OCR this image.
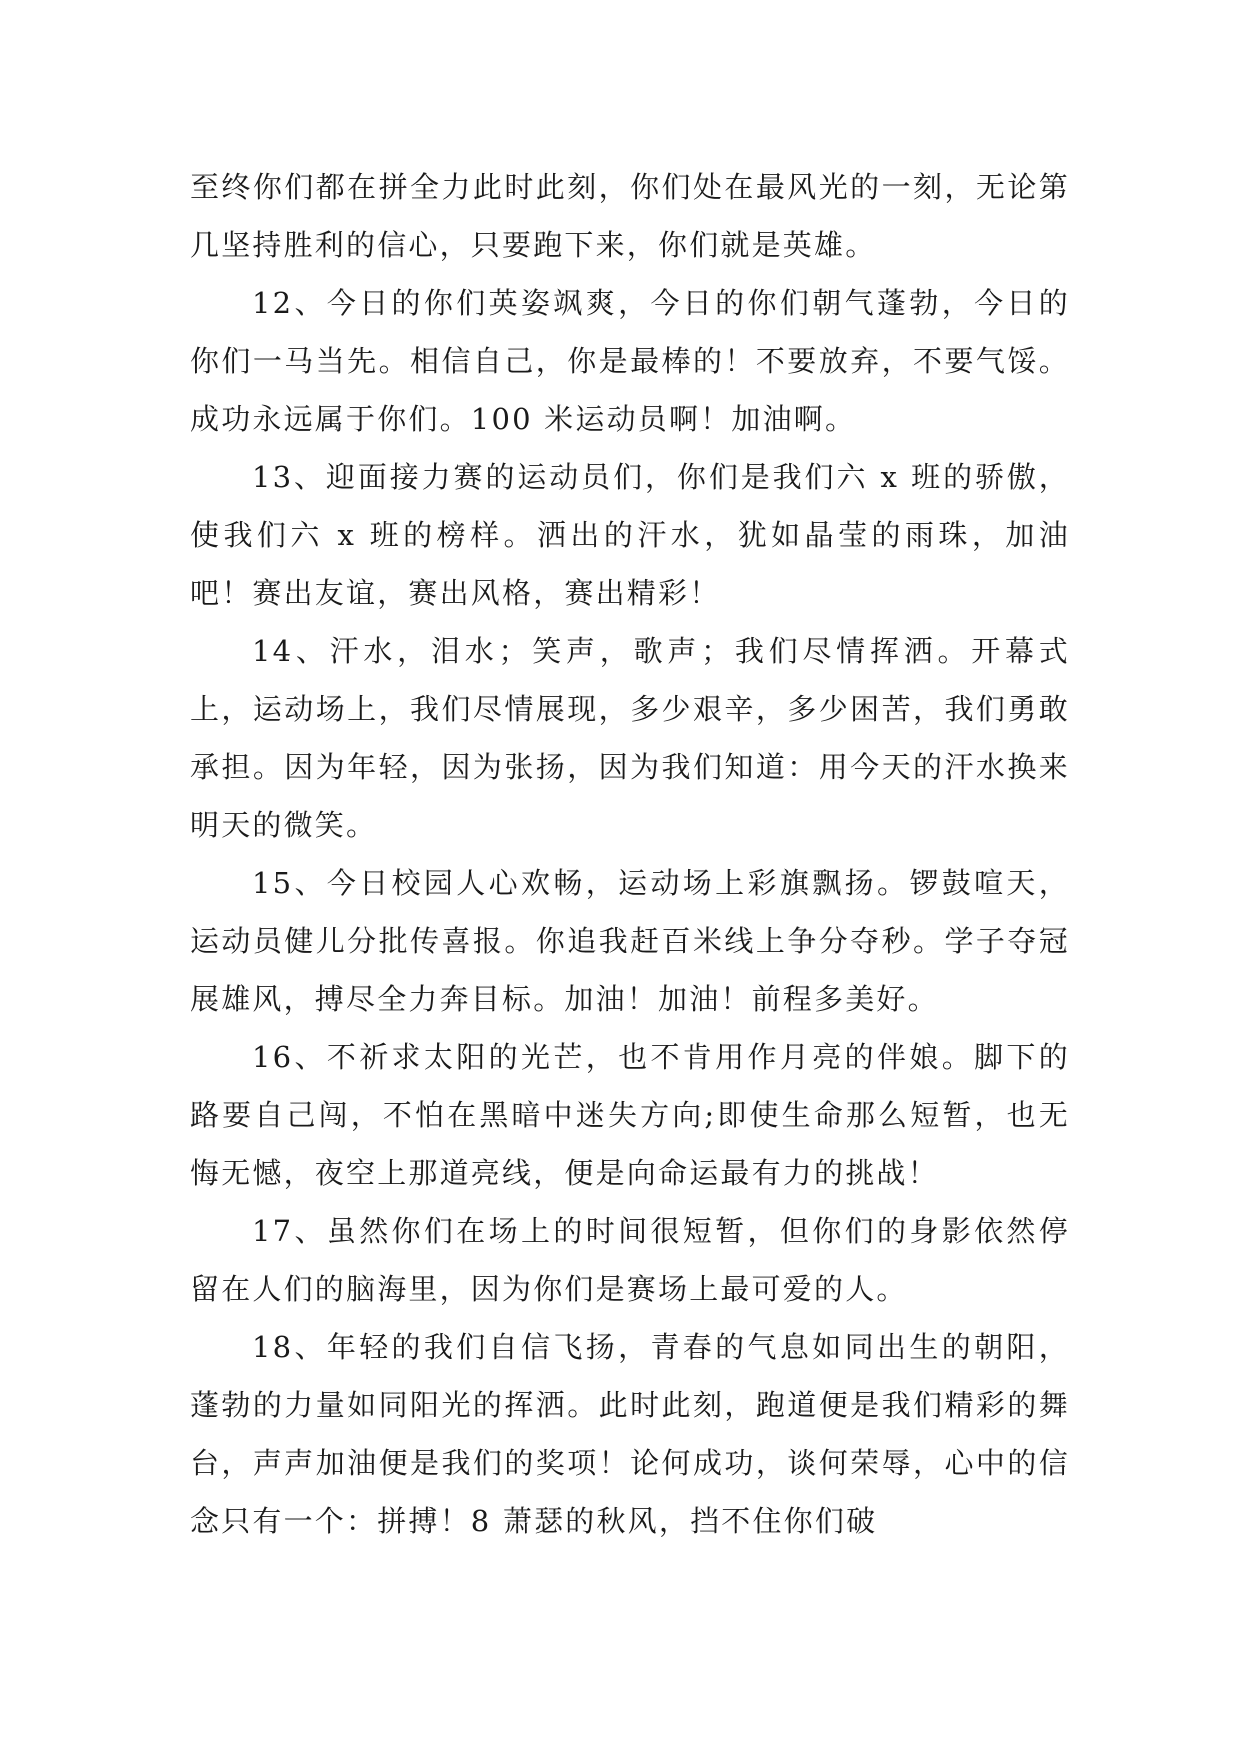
至终你们都在拼全力此时此刻，你们处在最风光的一刻，无论第几坚持胜利的信心，只要跑下来，你们就是英雄。

12、今日的你们英姿飒爽，今日的你们朝气蓬勃，今日的你们一马当先。相信自己，你是最棒的！不要放弃，不要气馁。成功永远属于你们。100 米运动员啊！加油啊。

13、迎面接力赛的运动员们，你们是我们六 x 班的骄傲，使我们六 x 班的榜样。洒出的汗水，犹如晶莹的雨珠，加油吧！赛出友谊，赛出风格，赛出精彩！

14、汗水，泪水；笑声，歌声；我们尽情挥洒。开幕式上，运动场上，我们尽情展现，多少艰辛，多少困苦，我们勇敢承担。因为年轻，因为张扬，因为我们知道：用今天的汗水换来明天的微笑。

15、今日校园人心欢畅，运动场上彩旗飘扬。锣鼓喧天，运动员健儿分批传喜报。你追我赶百米线上争分夺秒。学子夺冠展雄风，搏尽全力奔目标。加油！加油！前程多美好。

16、不祈求太阳的光芒，也不肯用作月亮的伴娘。脚下的路要自己闯，不怕在黑暗中迷失方向;即使生命那么短暂，也无悔无憾，夜空上那道亮线，便是向命运最有力的挑战！

17、虽然你们在场上的时间很短暂，但你们的身影依然停留在人们的脑海里，因为你们是赛场上最可爱的人。

18、年轻的我们自信飞扬，青春的气息如同出生的朝阳，蓬勃的力量如同阳光的挥洒。此时此刻，跑道便是我们精彩的舞台，声声加油便是我们的奖项！论何成功，谈何荣辱，心中的信念只有一个：拼搏！8 萧瑟的秋风，挡不住你们破
